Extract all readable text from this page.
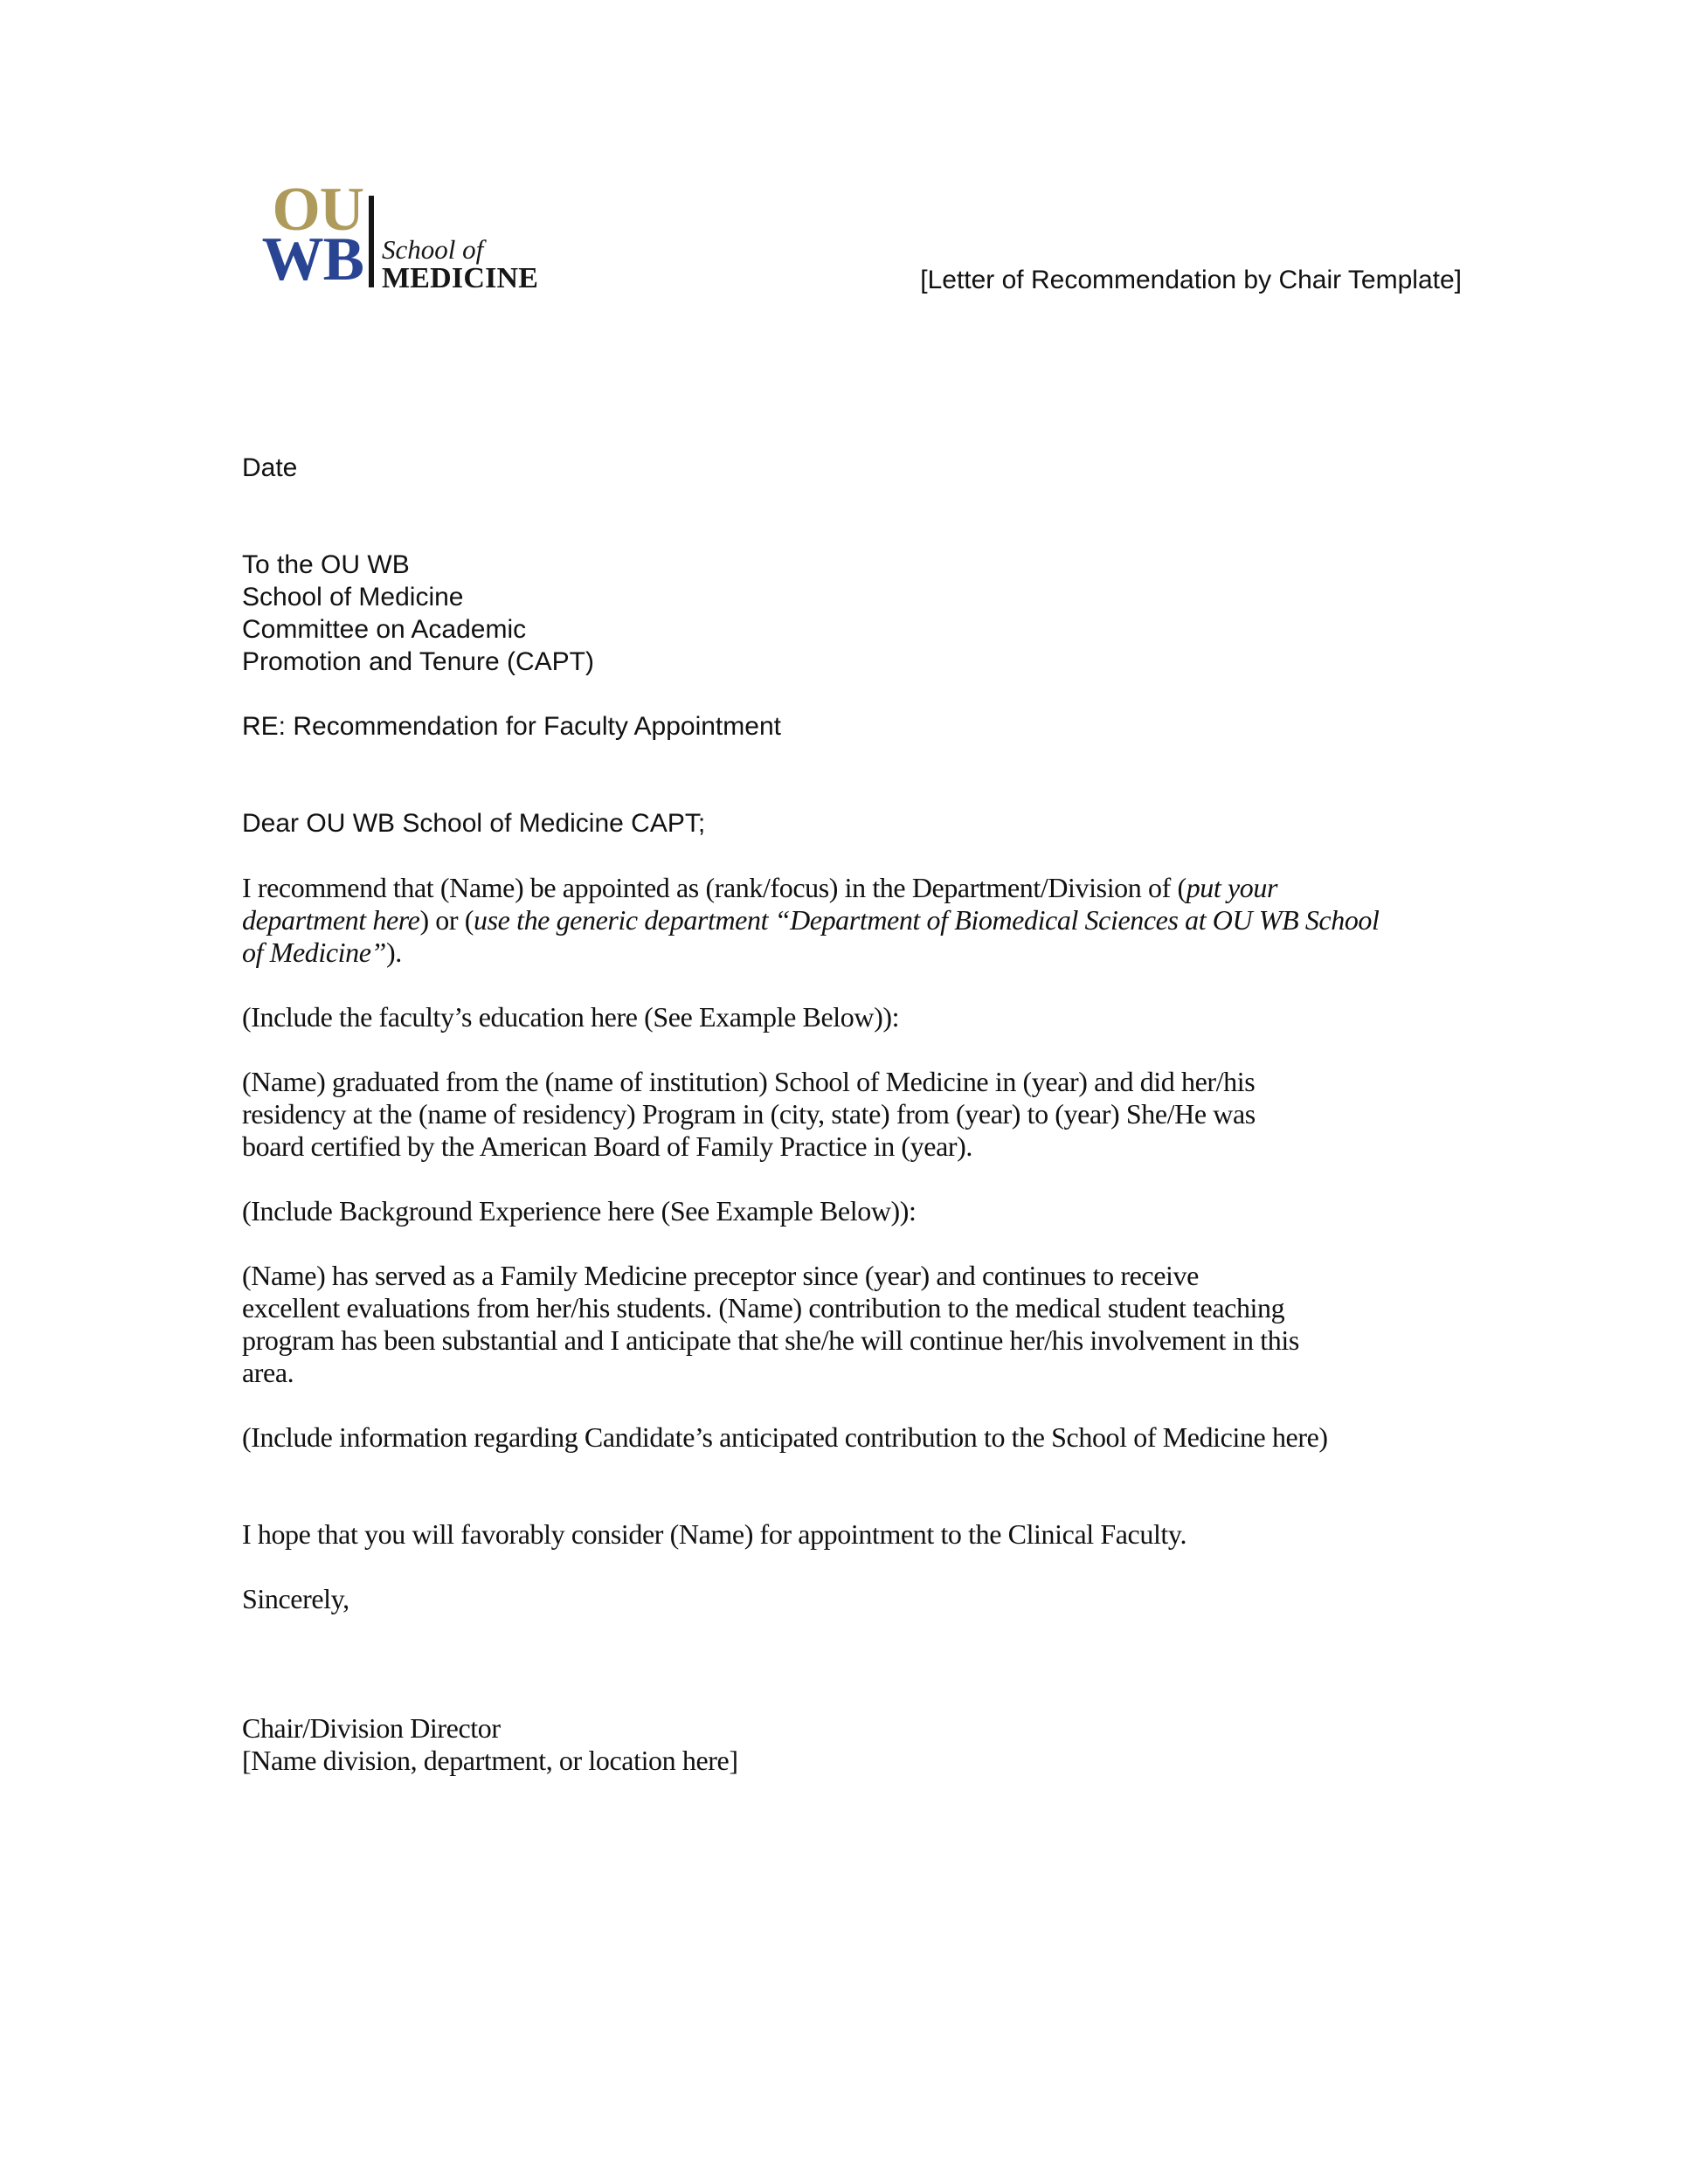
OU
WB School of
MEDICINE	[Letter of Recommendation by Chair Template]

Date

To the OU WB
School of Medicine
Committee on Academic
Promotion and Tenure (CAPT)

RE: Recommendation for Faculty Appointment

Dear OU WB School of Medicine CAPT;

I recommend that (Name) be appointed as (rank/focus) in the Department/Division of (put your
department here) or (use the generic department “Department of Biomedical Sciences at OU WB School
of Medicine”).

(Include the faculty’s education here (See Example Below)):

(Name) graduated from the (name of institution) School of Medicine in (year) and did her/his
residency at the (name of residency) Program in (city, state) from (year) to (year) She/He was
board certified by the American Board of Family Practice in (year).

(Include Background Experience here (See Example Below)):

(Name) has served as a Family Medicine preceptor since (year) and continues to receive
excellent evaluations from her/his students. (Name) contribution to the medical student teaching
program has been substantial and I anticipate that she/he will continue her/his involvement in this
area.

(Include information regarding Candidate’s anticipated contribution to the School of Medicine here)

I hope that you will favorably consider (Name) for appointment to the Clinical Faculty.

Sincerely,

Chair/Division Director
[Name division, department, or location here]
